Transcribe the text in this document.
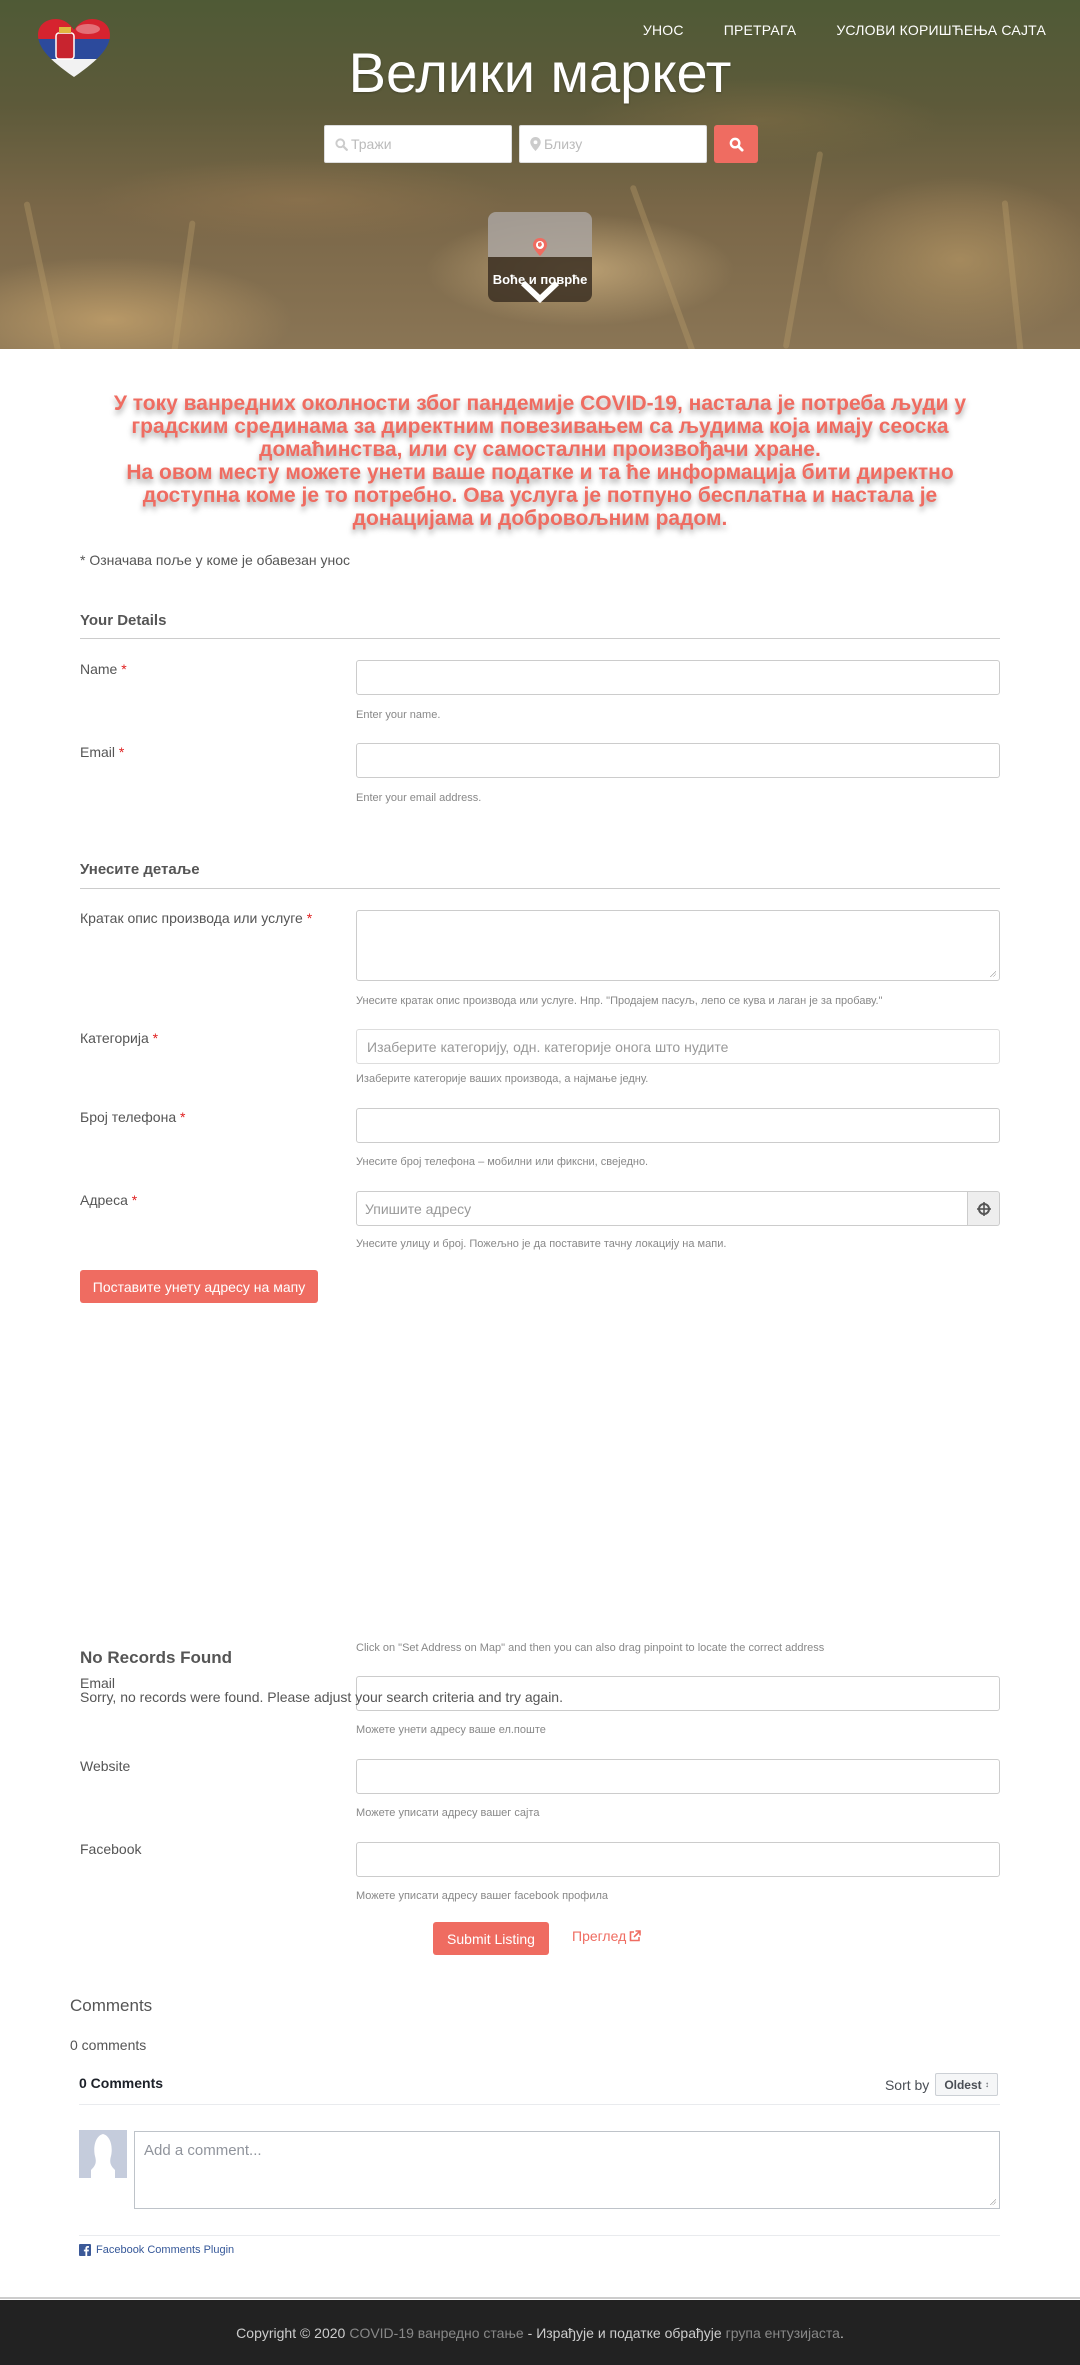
УНОС	ПРЕТРАГА	УСЛОВИ КОРИШЋЕЊА САЈТА
Велики маркет
Тражи	Близу
Воће и поврће
У току ванредних околности због пандемије COVID-19, настала је потреба људи у градским срединама за директним повезивањем са људима која имају сеоска домаћинства, или су самостални произвођачи хране.
На овом месту можете унети ваше податке и та ће информација бити директно доступна коме је то потребно. Ова услуга је потпуно бесплатна и настала је донацијама и добровољним радом.
* Означава поље у коме је обавезан унос
Your Details
Name *
Enter your name.
Email *
Enter your email address.
Унесите детаље
Кратак опис производа или услуге *
Унесите кратак опис производа или услуге. Нпр. "Продајем пасуљ, лепо се кува и лаган је за пробаву."
Категорија *
Изаберите категорију, одн. категорије онога што нудите
Изаберите категорије ваших производа, а најмање једну.
Број телефона *
Унесите број телефона – мобилни или фиксни, свеједно.
Адреса *
Упишите адресу
Унесите улицу и број. Пожељно је да поставите тачну локацију на мапи.
Поставите унету адресу на мапу
Click on "Set Address on Map" and then you can also drag pinpoint to locate the correct address
No Records Found
Email
Sorry, no records were found. Please adjust your search criteria and try again.
Можете унети адресу ваше ел.поште
Website
Можете уписати адресу вашег сајта
Facebook
Можете уписати адресу вашег facebook профила
Submit Listing	Преглед
Comments
0 comments
0 Comments	Sort by Oldest
↕
Add a comment...
Facebook Comments Plugin
Copyright © 2020 COVID-19 ванредно стање - Израђује и податке обрађује група ентузијаста .
